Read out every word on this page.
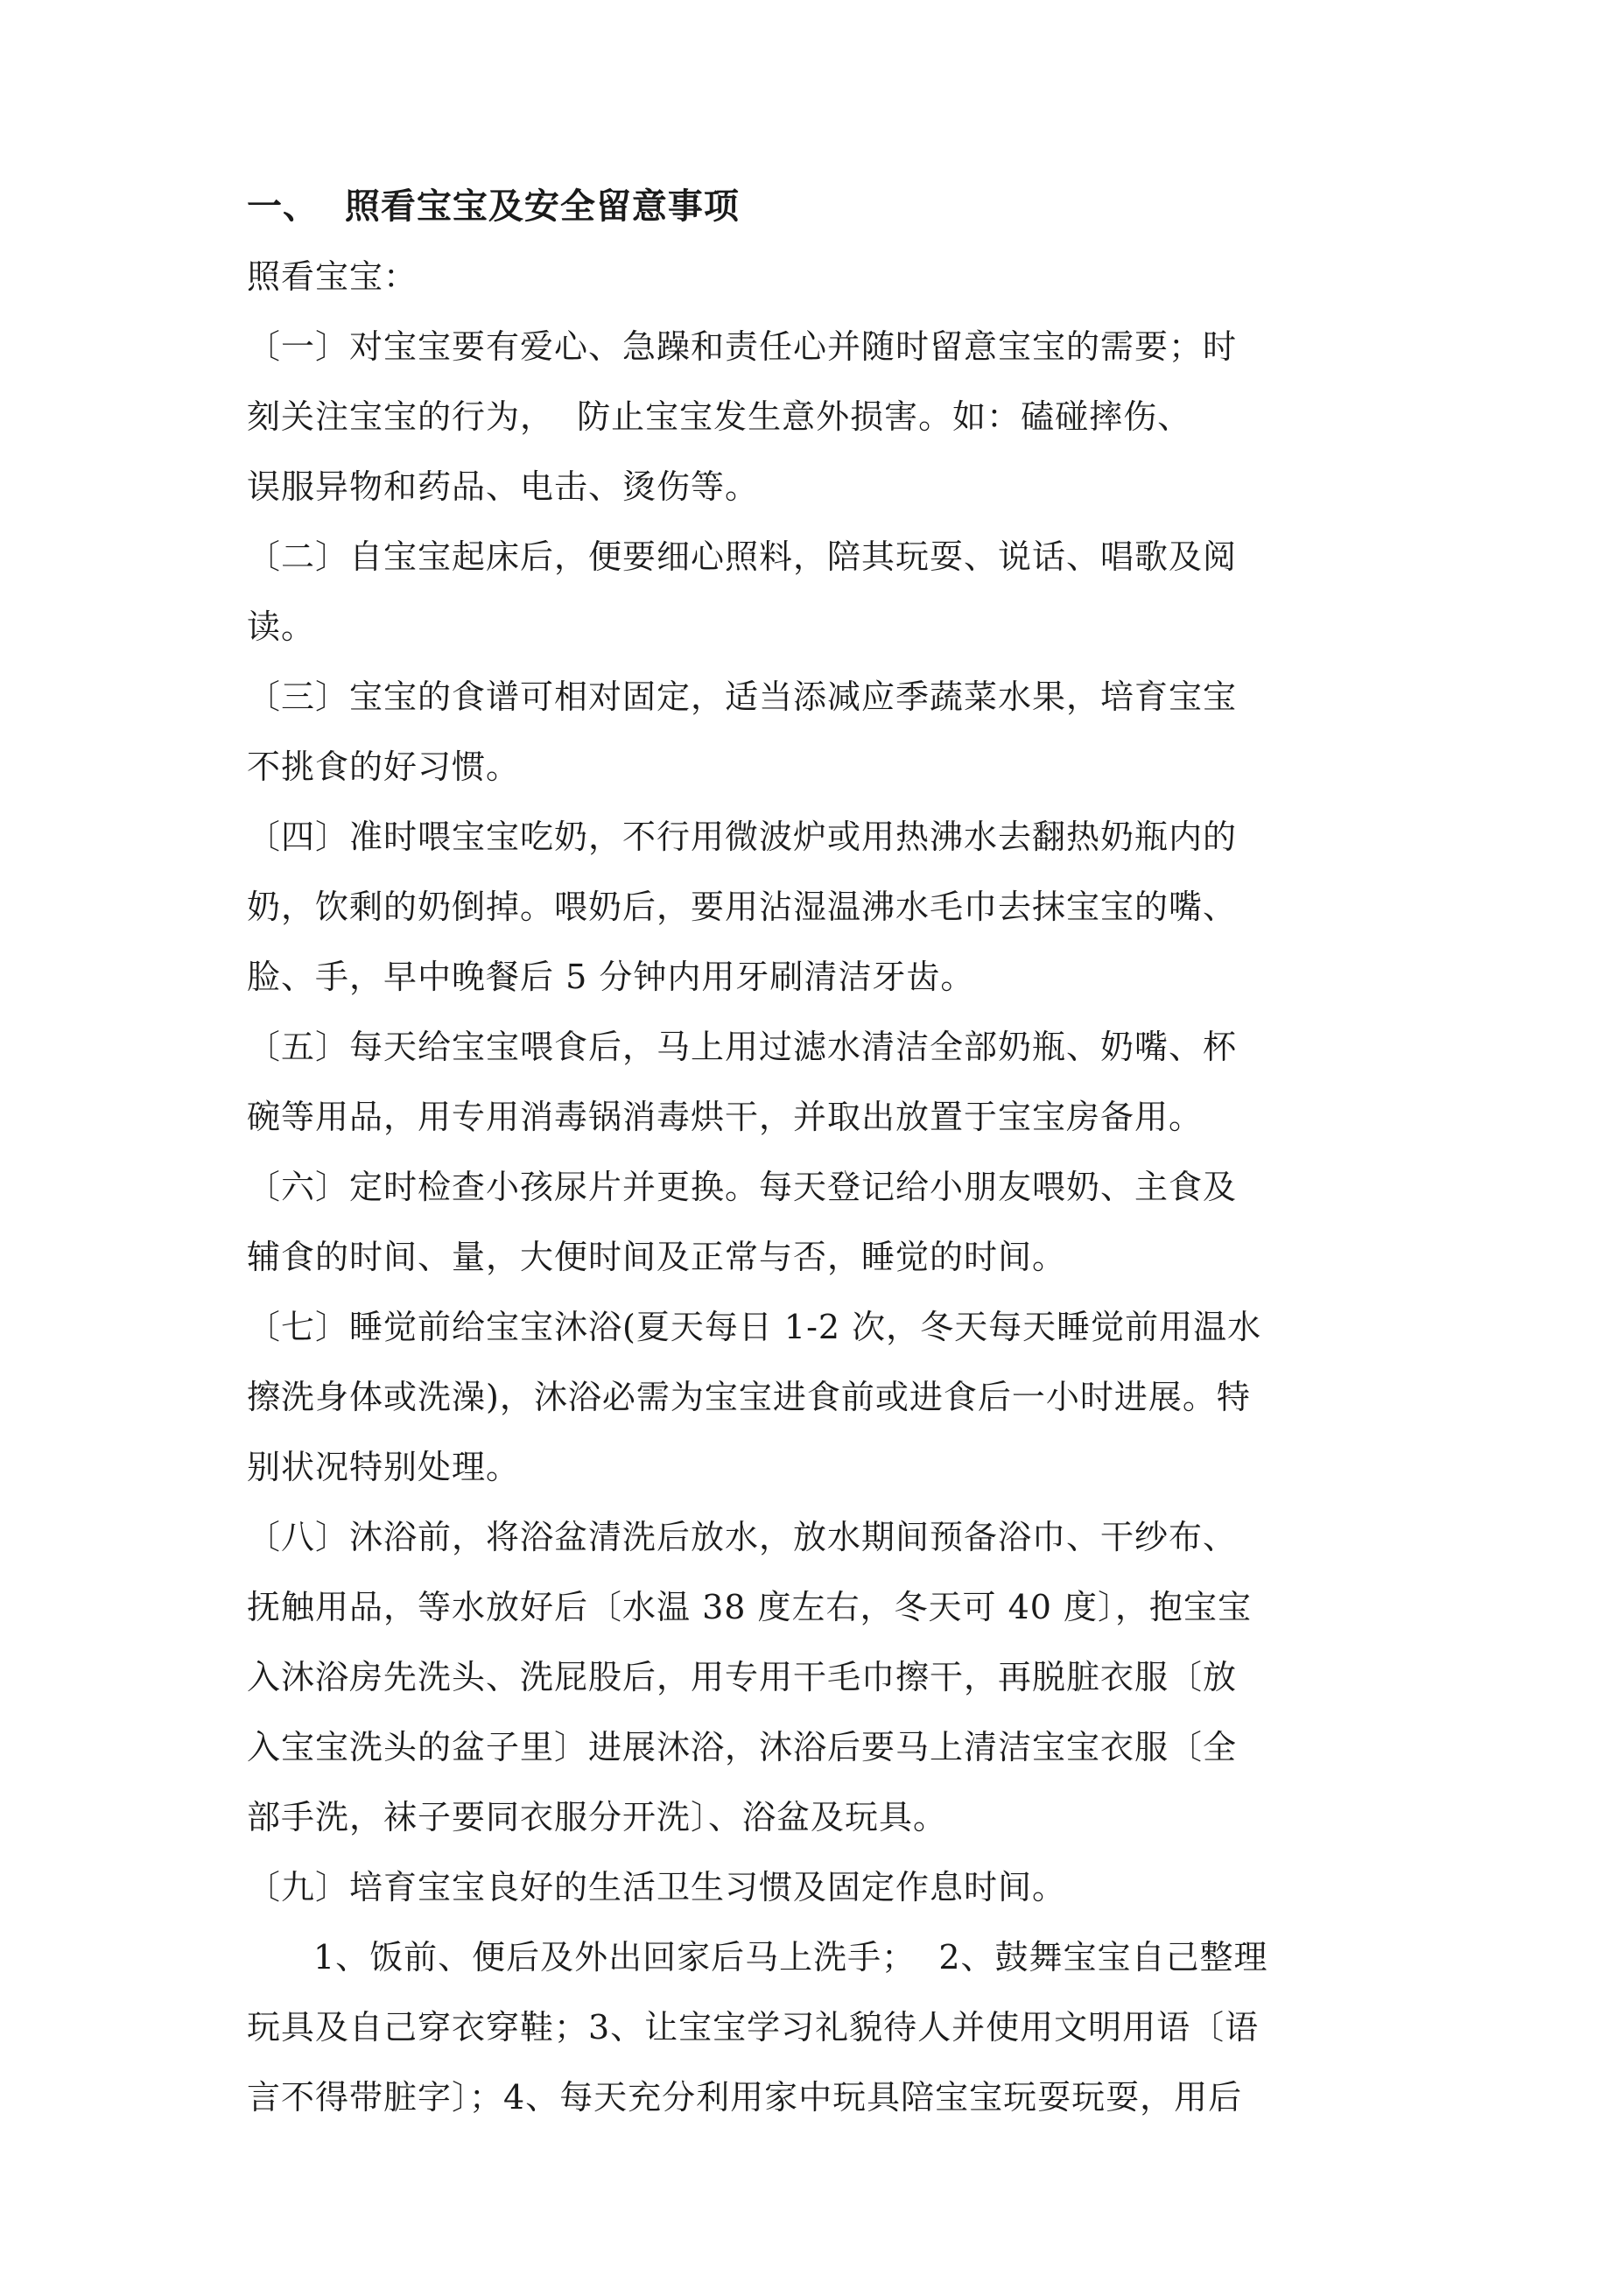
一、  照看宝宝及安全留意事项
照看宝宝：
〔一〕对宝宝要有爱心、急躁和责任心并随时留意宝宝的需要；时
刻关注宝宝的行为，  防止宝宝发生意外损害。如：磕碰摔伤、
误服异物和药品、电击、烫伤等。
〔二〕自宝宝起床后，便要细心照料，陪其玩耍、说话、唱歌及阅
读。
〔三〕宝宝的食谱可相对固定，适当添减应季蔬菜水果，培育宝宝
不挑食的好习惯。
〔四〕准时喂宝宝吃奶，不行用微波炉或用热沸水去翻热奶瓶内的
奶，饮剩的奶倒掉。喂奶后，要用沾湿温沸水毛巾去抹宝宝的嘴、
脸、手，早中晚餐后 5 分钟内用牙刷清洁牙齿。
〔五〕每天给宝宝喂食后，马上用过滤水清洁全部奶瓶、奶嘴、杯
碗等用品，用专用消毒锅消毒烘干，并取出放置于宝宝房备用。
〔六〕定时检查小孩尿片并更换。每天登记给小朋友喂奶、主食及
辅食的时间、量，大便时间及正常与否，睡觉的时间。
〔七〕睡觉前给宝宝沐浴(夏天每日 1-2 次，冬天每天睡觉前用温水
擦洗身体或洗澡)，沐浴必需为宝宝进食前或进食后一小时进展。特
别状况特别处理。
〔八〕沐浴前，将浴盆清洗后放水，放水期间预备浴巾、干纱布、
抚触用品，等水放好后〔水温 38 度左右，冬天可 40 度〕，抱宝宝
入沐浴房先洗头、洗屁股后，用专用干毛巾擦干，再脱脏衣服〔放
入宝宝洗头的盆子里〕进展沐浴，沐浴后要马上清洁宝宝衣服〔全
部手洗，袜子要同衣服分开洗〕、浴盆及玩具。
〔九〕培育宝宝良好的生活卫生习惯及固定作息时间。
1、饭前、便后及外出回家后马上洗手；  2、鼓舞宝宝自己整理
玩具及自己穿衣穿鞋；3、让宝宝学习礼貌待人并使用文明用语〔语
言不得带脏字〕；4、每天充分利用家中玩具陪宝宝玩耍玩耍，用后
